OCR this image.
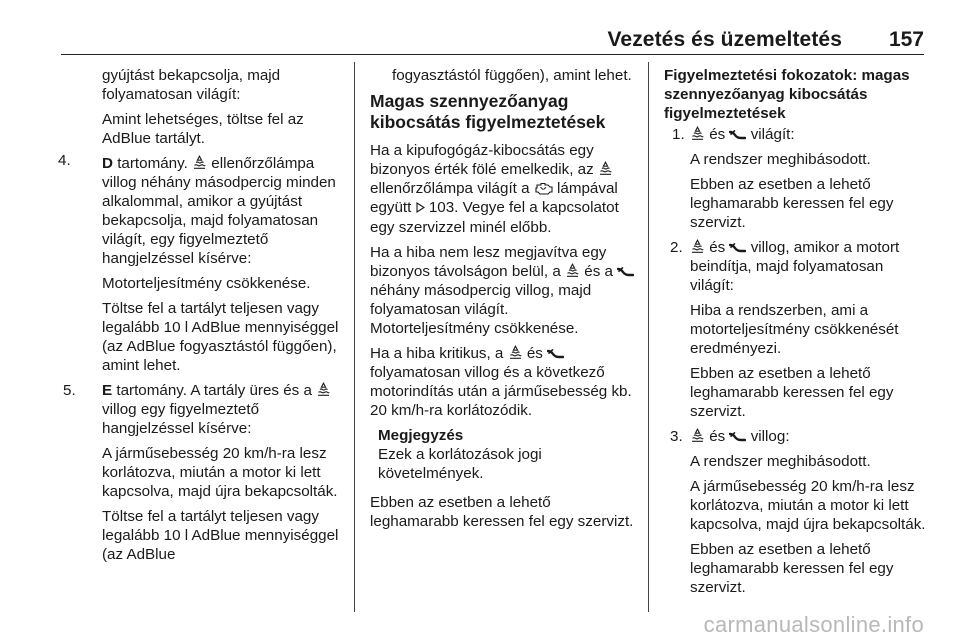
Vezetés és üzemeltetés 157

gyújtást bekapcsolja, majd folyamatosan világít:

Amint lehetséges, töltse fel az AdBlue tartályt.

4. D tartomány.
ellenőrzőlámpa villog néhány másodpercig minden alkalommal, amikor a gyújtást bekapcsolja, majd folyamatosan világít, egy figyelmeztető hangjelzéssel kísérve:

Motorteljesítmény csökkenése.

Töltse fel a tartályt teljesen vagy legalább 10 l AdBlue mennyiséggel (az AdBlue fogyasztástól függően), amint lehet.

5. E tartomány. A tartály üres és a
villog egy figyelmeztető hangjelzéssel kísérve:

A járműsebesség 20 km/h-ra lesz korlátozva, miután a motor ki lett kapcsolva, majd újra bekapcsolták.

Töltse fel a tartályt teljesen vagy legalább 10 l AdBlue mennyiséggel (az AdBlue

fogyasztástól függően), amint lehet.

Magas szennyezőanyag kibocsátás figyelmeztetések

Ha a kipufogógáz-kibocsátás egy bizonyos érték fölé emelkedik, az
ellenőrzőlámpa világít a
lámpával együtt  103. Vegye fel a kapcsolatot egy szervizzel minél előbb.

Ha a hiba nem lesz megjavítva egy bizonyos távolságon belül, a
és a
néhány másodpercig villog, majd folyamatosan világít.

Motorteljesítmény csökkenése.

Ha a hiba kritikus, a
és
folyamatosan villog és a következő motorindítás után a járműsebesség kb. 20 km/h-ra korlátozódik.

Megjegyzés
Ezek a korlátozások jogi követelmények.

Ebben az esetben a lehető leghamarabb keressen fel egy szervizt.

Figyelmeztetési fokozatok: magas szennyezőanyag kibocsátás figyelmeztetések
1.	és
világít:

A rendszer meghibásodott.

Ebben az esetben a lehető leghamarabb keressen fel egy szervizt.

2.	és
villog, amikor a motort beindítja, majd folyamatosan világít:

Hiba a rendszerben, ami a motorteljesítmény csökkenését eredményezi.

Ebben az esetben a lehető leghamarabb keressen fel egy szervizt.

3.	és
villog:

A rendszer meghibásodott.

A járműsebesség 20 km/h-ra lesz korlátozva, miután a motor ki lett kapcsolva, majd újra bekapcsolták.

Ebben az esetben a lehető leghamarabb keressen fel egy szervizt.

carmanualsonline.info
